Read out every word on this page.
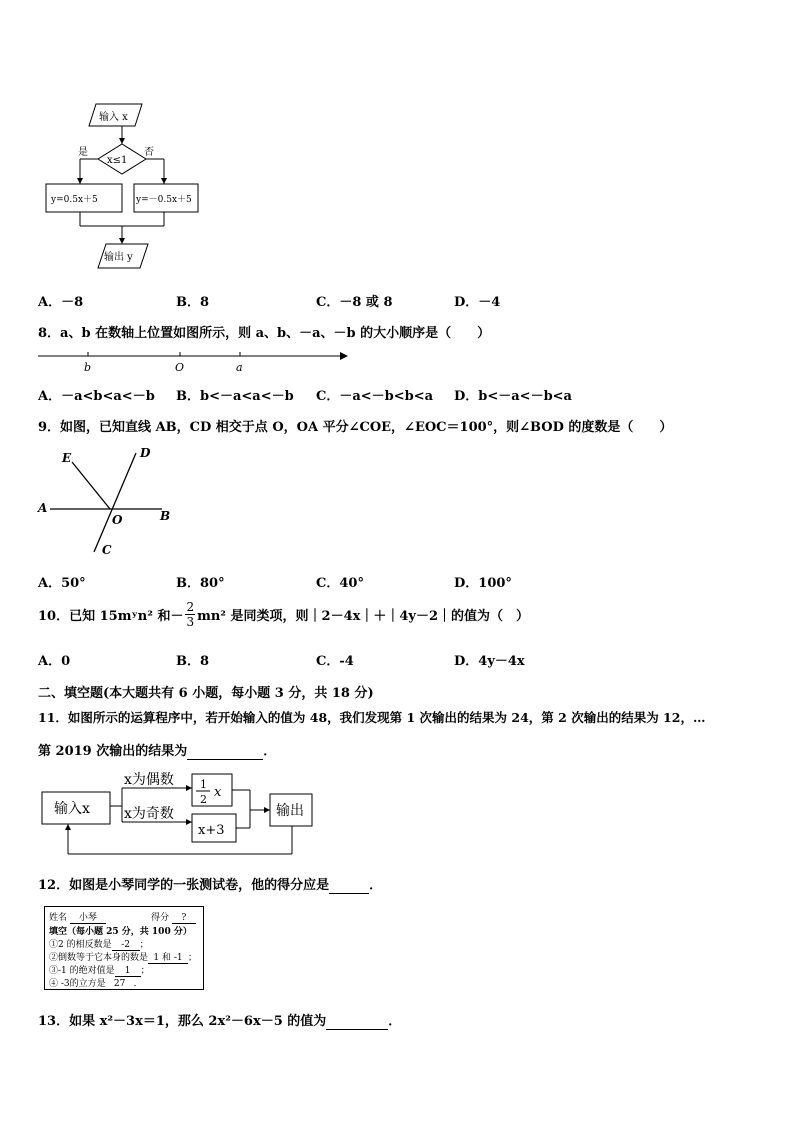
输入 x
x≤1
是	否
y=0.5x＋5	y=－0.5x＋5
输出 y
A．－8	B．8	C．－8 或 8	D．－4
8．a、b 在数轴上位置如图所示，则 a、b、－a、－b 的大小顺序是（　　）
b	O	a
A．－a<b<a<－b B．b<－a<a<－b C．－a<－b<b<a D．b<－a<－b<a
9．如图，已知直线 AB，CD 相交于点 O，OA 平分∠COE，∠EOC＝100°，则∠BOD 的度数是（　　）
E	D
A
O	B
C
A．50°	B．80°	C．40°	D．100°
10．已知 15mʸn² 和－ $\frac{2}{3} mn^2$ 是同类项，则｜2－4x｜＋｜4y－2｜的值为（　）
A．0	B．8	C．-4	D．4y－4x
二、填空题(本大题共有 6 小题，每小题 3 分，共 18 分)
11．如图所示的运算程序中，若开始输入的值为 48，我们发现第 1 次输出的结果为 24，第 2 次输出的结果为 12，…
第 2019 次输出的结果为	．
输入x
x为偶数
x为奇数
1
2 x
x+3
输出
12．如图是小琴同学的一张测试卷，他的得分应是	．
姓名 小琴	得分 ?
填空（每小题 25 分，共 100 分）
①2 的相反数是 -2 ；
②倒数等于它本身的数是 1 和 -1 ；
③-1 的绝对值是 1 ；
④ -3的立方是 27 ．
13．如果 x²－3x＝1，那么 2x²－6x－5 的值为	．
